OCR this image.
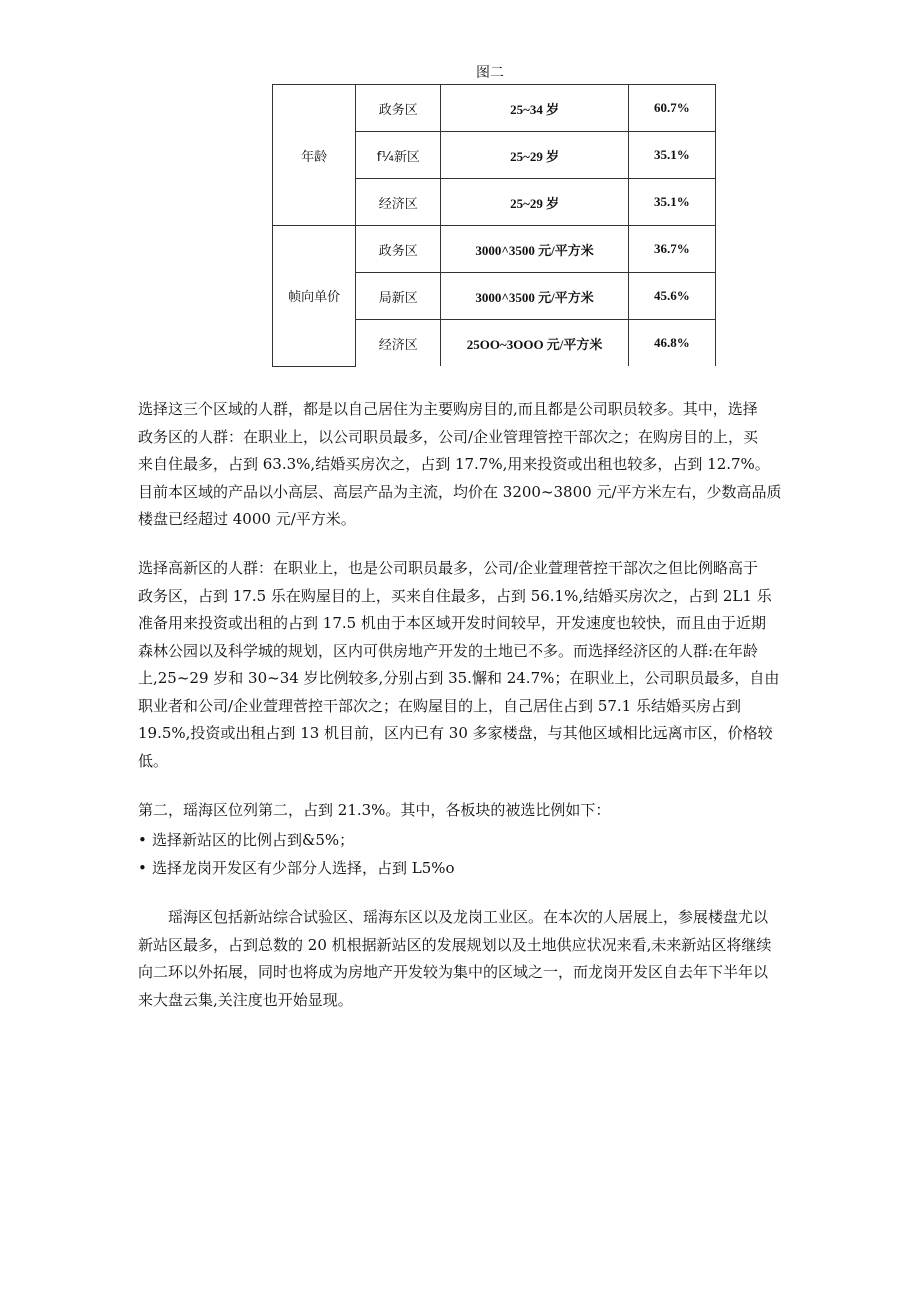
图二
年龄	政务区	25~34 岁	60.7%
	f¼新区	25~29 岁	35.1%
	经济区	25~29 岁	35.1%
帧向单价	政务区	3000^3500 元/平方米	36.7%
	局新区	3000^3500 元/平方米	45.6%
	经济区	25OO~3OOO 元/平方米	46.8%
选择这三个区域的人群，都是以自己居住为主要购房目的,而且都是公司职员较多。其中，选择
政务区的人群：在职业上，以公司职员最多，公司/企业管理管控干部次之；在购房目的上，买
来自住最多，占到 63.3%,结婚买房次之，占到 17.7%,用来投资或出租也较多，占到 12.7%。
目前本区域的产品以小高层、高层产品为主流，均价在 3200~3800 元/平方米左右，少数高品质
楼盘已经超过 4000 元/平方米。
选择高新区的人群：在职业上，也是公司职员最多，公司/企业萱理菅控干部次之但比例略高于
政务区，占到 17.5 乐在购屋目的上，买来自住最多，占到 56.1%,结婚买房次之，占到 2L1 乐
准备用来投资或出租的占到 17.5 机由于本区域开发时间较早，开发速度也较快，而且由于近期
森林公园以及科学城的规划，区内可供房地产开发的土地已不多。而选择经济区的人群:在年龄
上,25~29 岁和 30~34 岁比例较多,分别占到 35.懈和 24.7%；在职业上，公司职员最多，自由
职业者和公司/企业萱理菅控干部次之；在购屋目的上，自己居住占到 57.1 乐结婚买房占到
19.5%,投资或出租占到 13 机目前，区内已有 30 多家楼盘，与其他区域相比远离市区，价格较
低。
第二，瑶海区位列第二，占到 21.3%。其中，各板块的被选比例如下：
• 选择新站区的比例占到&5%；
• 选择龙岗开发区有少部分人选择，占到 L5%o
瑶海区包括新站综合试验区、瑶海东区以及龙岗工业区。在本次的人居展上，参展楼盘尤以
新站区最多，占到总数的 20 机根据新站区的发展规划以及土地供应状况来看,未来新站区将继续
向二环以外拓展，同时也将成为房地产开发较为集中的区域之一，而龙岗开发区自去年下半年以
来大盘云集,关注度也开始显现。
